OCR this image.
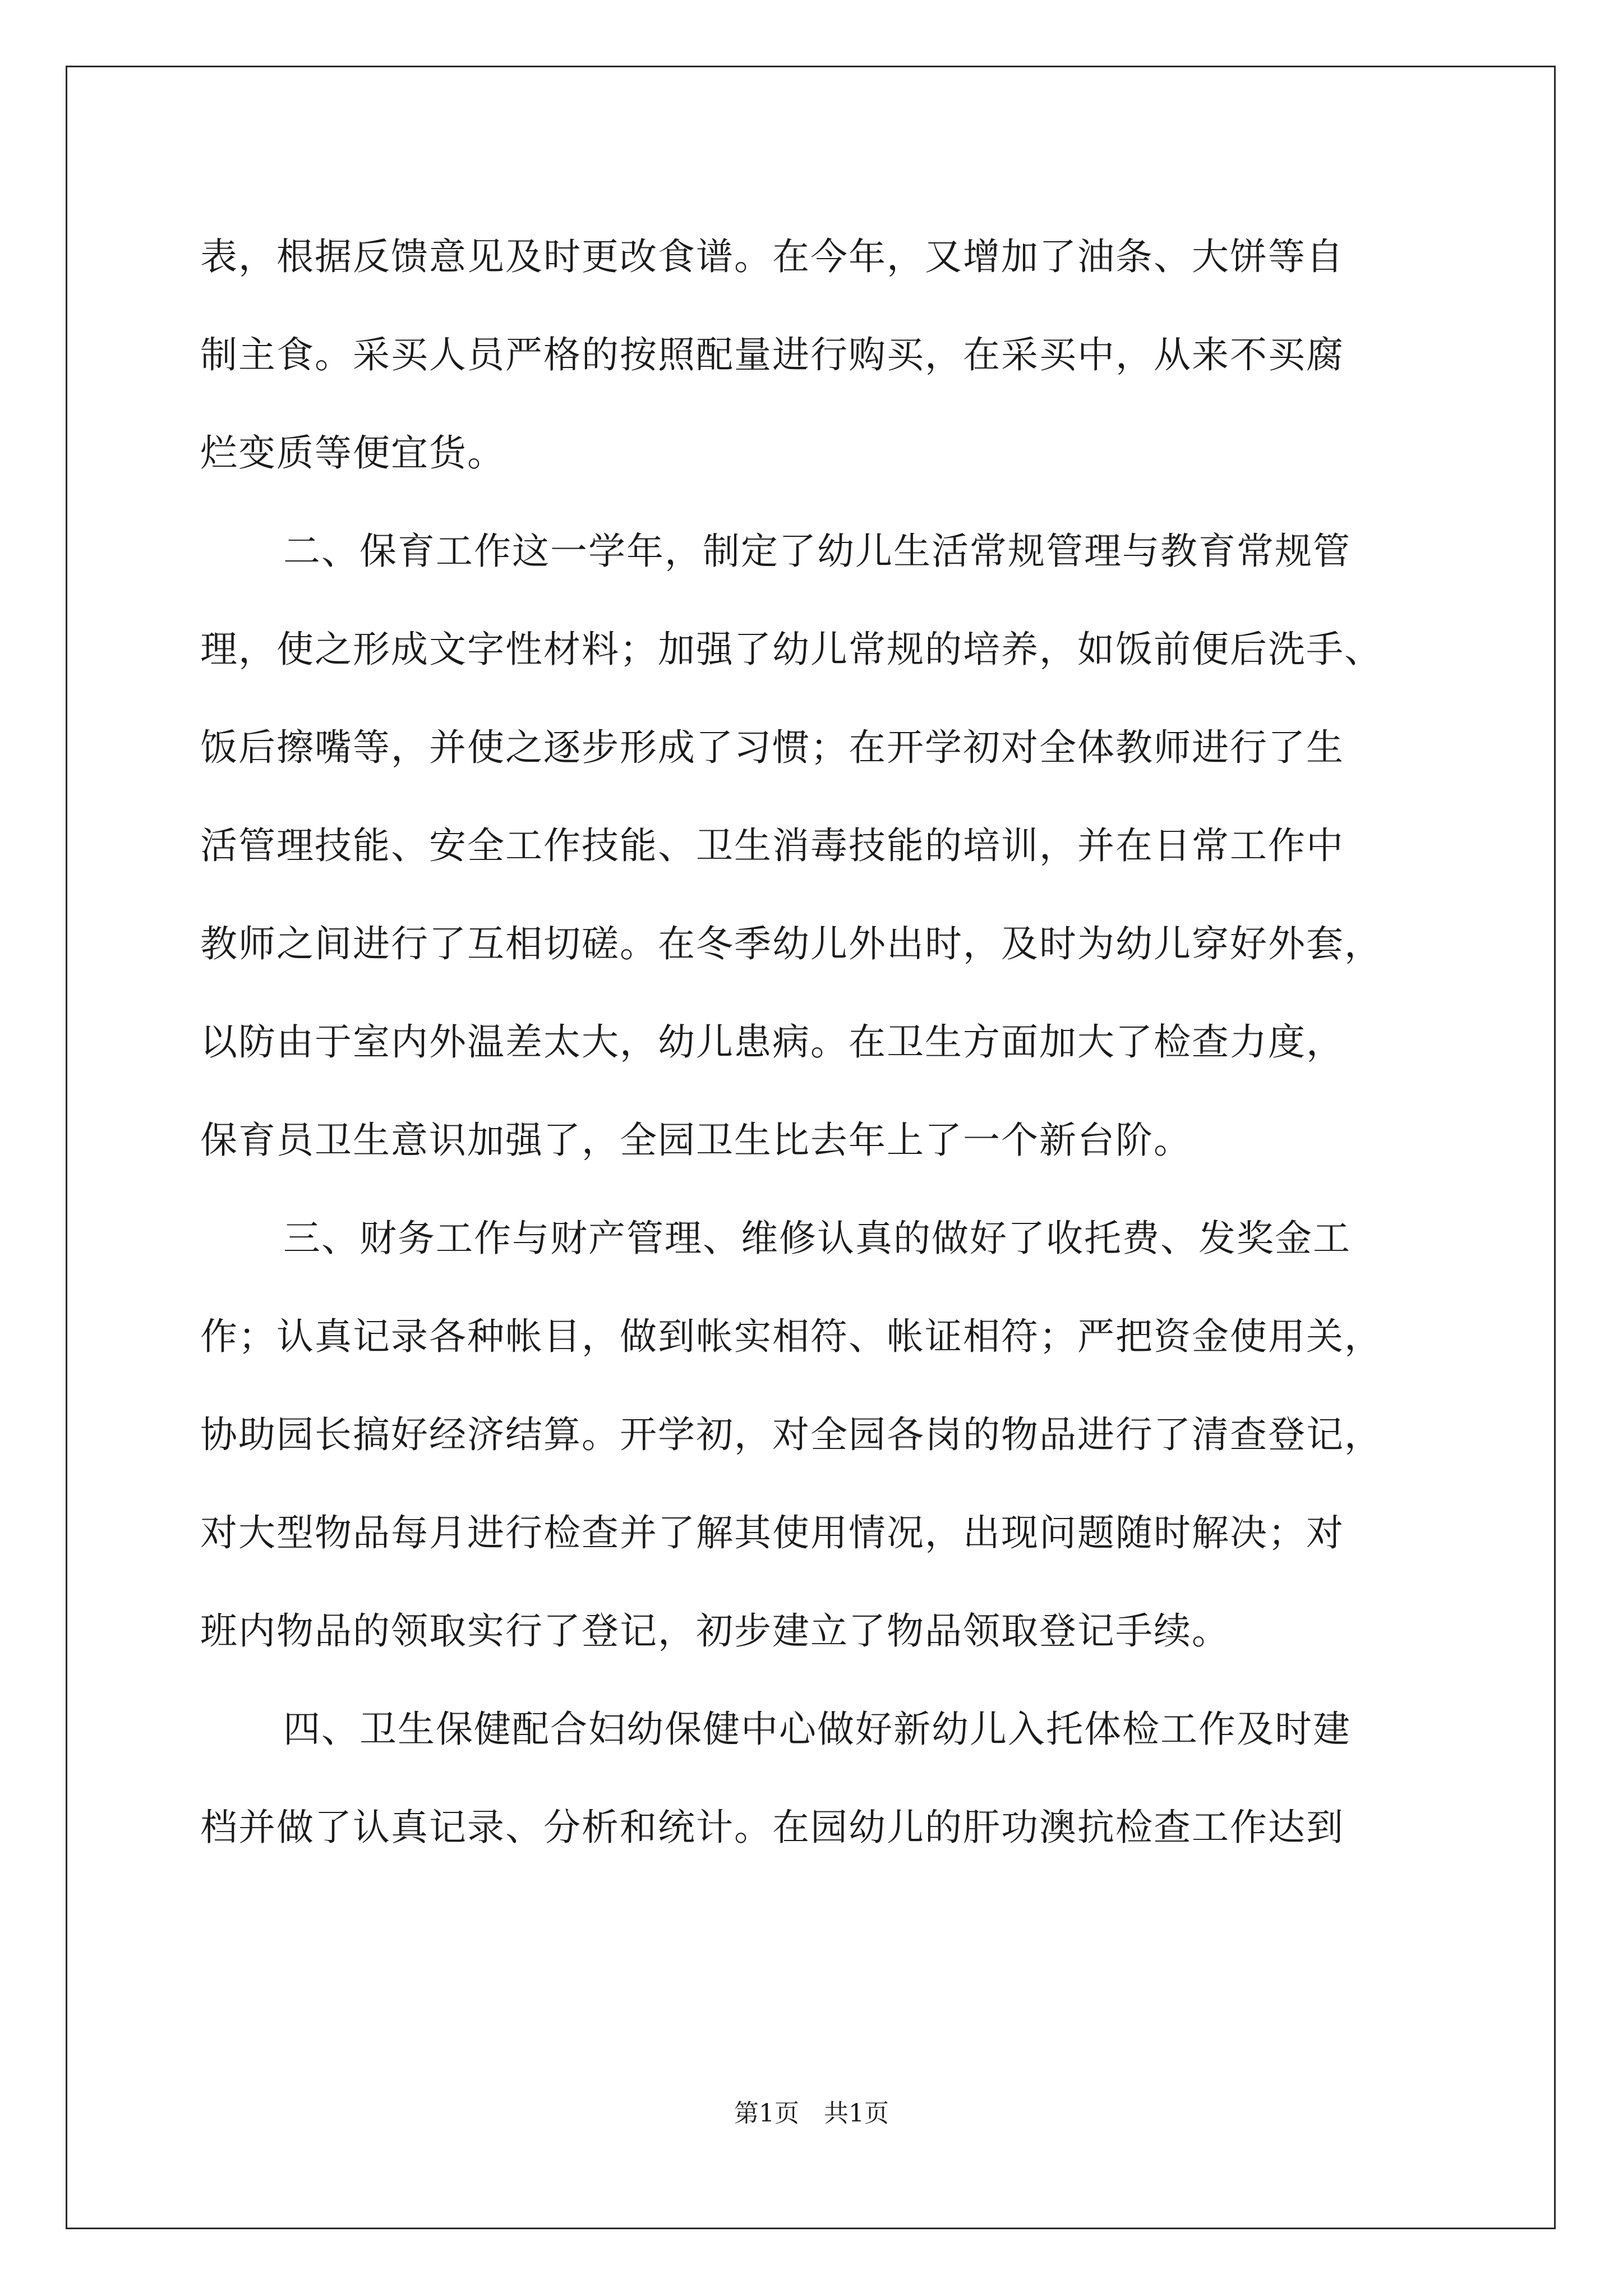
表，根据反馈意见及时更改食谱。在今年，又增加了油条、大饼等自
制主食。采买人员严格的按照配量进行购买，在采买中，从来不买腐
烂变质等便宜货。

二、保育工作这一学年，制定了幼儿生活常规管理与教育常规管
理，使之形成文字性材料；加强了幼儿常规的培养，如饭前便后洗手、
饭后擦嘴等，并使之逐步形成了习惯；在开学初对全体教师进行了生
活管理技能、安全工作技能、卫生消毒技能的培训，并在日常工作中
教师之间进行了互相切磋。在冬季幼儿外出时，及时为幼儿穿好外套，
以防由于室内外温差太大，幼儿患病。在卫生方面加大了检查力度，
保育员卫生意识加强了，全园卫生比去年上了一个新台阶。

三、财务工作与财产管理、维修认真的做好了收托费、发奖金工
作；认真记录各种帐目，做到帐实相符、帐证相符；严把资金使用关，
协助园长搞好经济结算。开学初，对全园各岗的物品进行了清查登记，
对大型物品每月进行检查并了解其使用情况，出现问题随时解决；对
班内物品的领取实行了登记，初步建立了物品领取登记手续。

四、卫生保健配合妇幼保健中心做好新幼儿入托体检工作及时建
档并做了认真记录、分析和统计。在园幼儿的肝功澳抗检查工作达到

第1页 共1页
